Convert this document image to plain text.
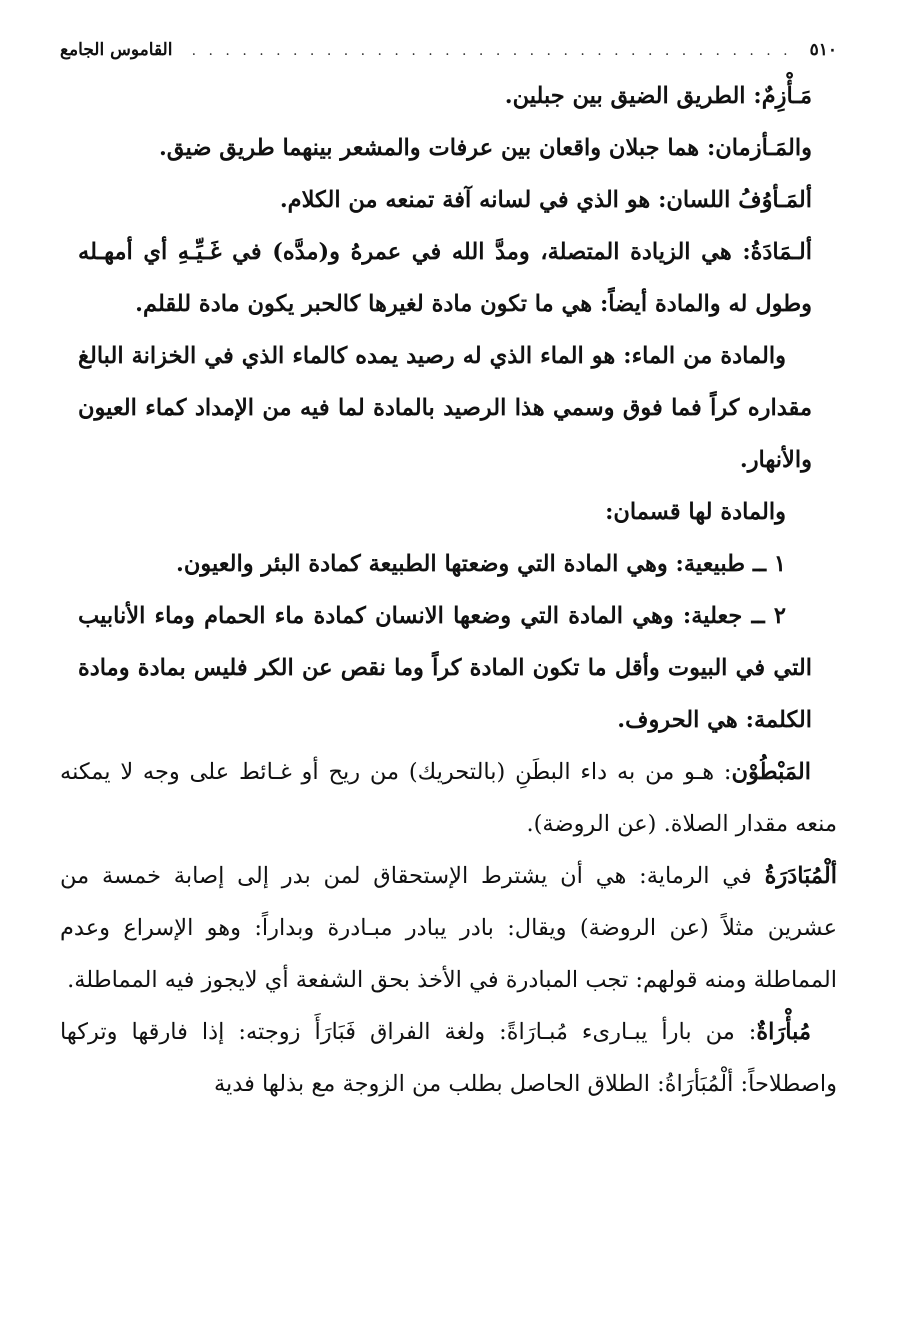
٥١٠
. . .
القاموس الجامع
مَـأْزِمٌ: الطريق الضيق بين جبلين.
والمَـأزمان: هما جبلان واقعان بين عرفات والمشعر بينهما طريق ضيق.
ألمَـأوُفُ اللسان: هو الذي في لسانه آفة تمنعه من الكلام.
ألـمَادَةُ: هي الزيادة المتصلة، ومدَّ الله في عمرهُ و(مدَّه) في غَـيِّـهِ أي أمهـله وطول له والمادة أيضاً: هي ما تكون مادة لغيرها كالحبر يكون مادة للقلم.
والمادة من الماء: هو الماء الذي له رصيد يمده كالماء الذي في الخزانة البالغ مقداره كراً فما فوق وسمي هذا الرصيد بالمادة لما فيه من الإمداد كماء العيون والأنهار.
والمادة لها قسمان:
١ ــ طبيعية: وهي المادة التي وضعتها الطبيعة كمادة البئر والعيون.
٢ ــ جعلية: وهي المادة التي وضعها الانسان كمادة ماء الحمام وماء الأنابيب التي في البيوت وأقل ما تكون المادة كراً وما نقص عن الكر فليس بمادة ومادة الكلمة: هي الحروف.
المَبْطُوْن: هـو من به داء البطَنِ (بالتحريك) من ريح أو غـائط على وجه لا يمكنه منعه مقدار الصلاة. (عن الروضة).
ألْمُبَادَرَةُ في الرماية: هي أن يشترط الإستحقاق لمن بدر إلى إصابة خمسة من عشرين مثلاً (عن الروضة) ويقال: بادر يبادر مبـادرة وبداراً: وهو الإسراع وعدم المماطلة ومنه قولهم: تجب المبادرة في الأخذ بحق الشفعة أي لايجوز فيه المماطلة.
مُبأْرَاةٌ: من بارأ يبـارىء مُبـارَاةً: ولغة الفراق فَبَارَأَ زوجته: إذا فارقها وتركها واصطلاحاً: ألْمُبَأرَاةُ: الطلاق الحاصل بطلب من الزوجة مع بذلها فدية
